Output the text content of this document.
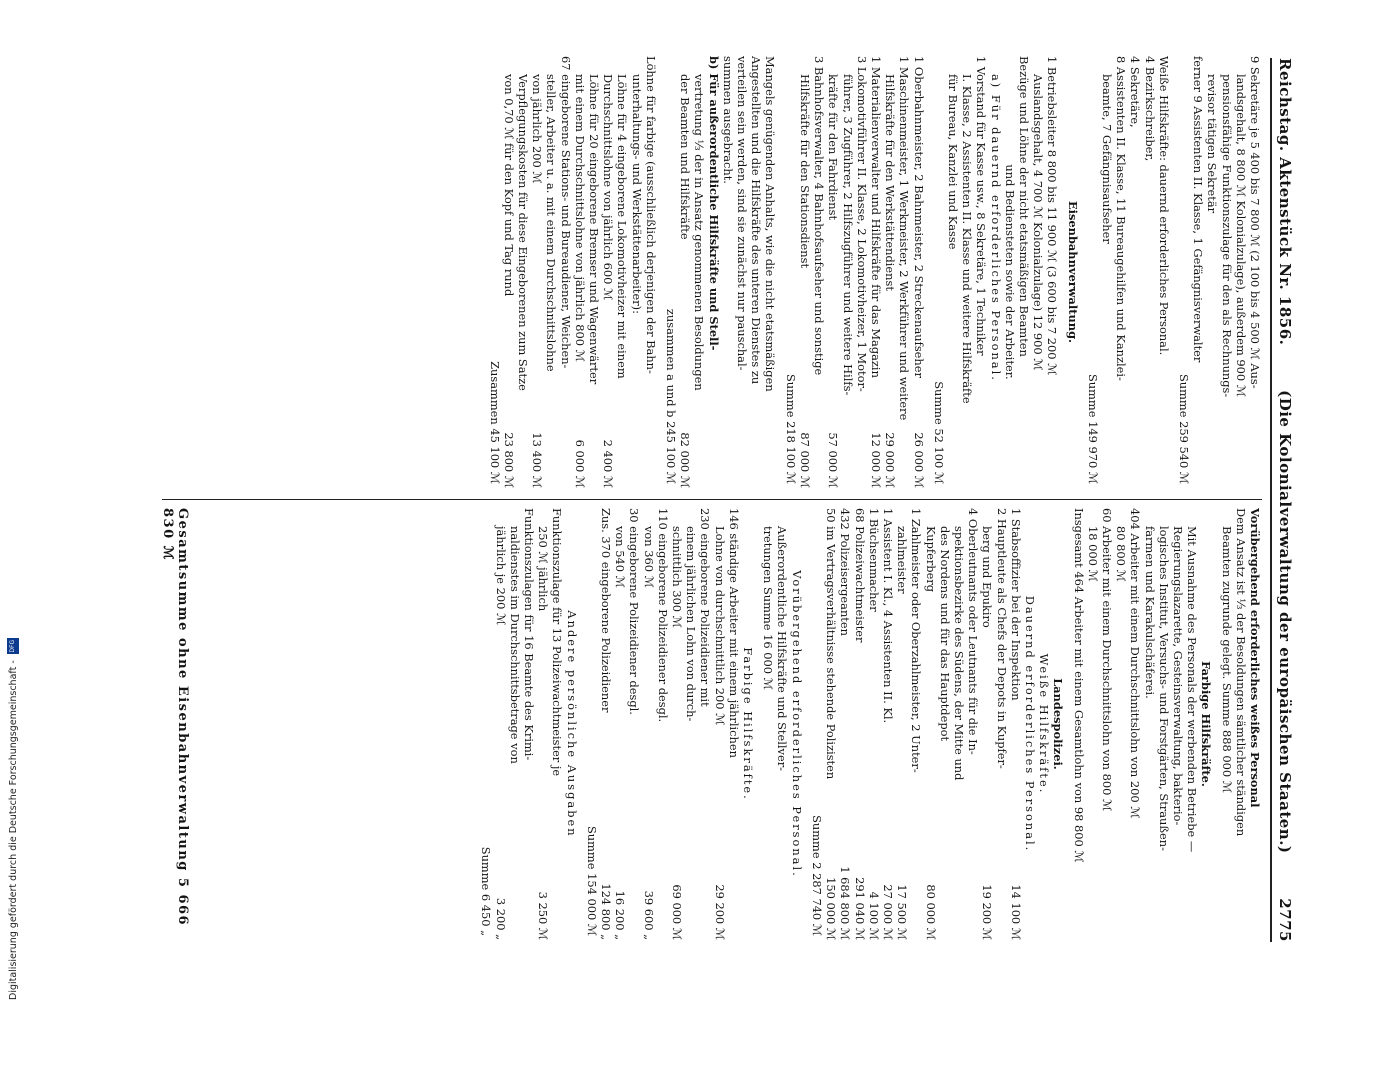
Reichstag. Aktenstück Nr. 1856.
(Die Kolonialverwaltung der europäischen Staaten.)
2775
9 Sekretäre je 5 400 bis 7 800 ℳ (2 100 bis 4 500 ℳ Aus-
landsgehalt, 8 800 ℳ Kolonialzulage), außerdem 900 ℳ
pensionsfähige Funktionszulage für den als Rechnungs-
revisor tätigen Sekretär
ferner 9 Assistenten II. Klasse, 1 Gefängnisverwalter
Summe 259 540 ℳ
Weiße Hilfskräfte: dauernd erforderliches Personal.
4 Bezirkschreiber,
4 Sekretäre,
8 Assistenten II. Klasse, 11 Bureaugehilfen und Kanzlei-
beamte, 7 Gefängnisaufseher
Summe 149 970 ℳ
Eisenbahnverwaltung.
1 Betriebsleiter 8 800 bis 11 900 ℳ (3 600 bis 7 200 ℳ
Auslandsgehalt, 4 700 ℳ Kolonialzulage) 12 900 ℳ
Bezüge und Löhne der nicht etatsmäßigen Beamten
und Bediensteten sowie der Arbeiter.
a) Für dauernd erforderliches Personal.
1 Vorstand für Kasse usw., 8 Sekretäre, 1 Techniker
I. Klasse, 2 Assistenten II. Klasse und weitere Hilfskräfte
für Bureau, Kanzlei und Kasse
Summe 52 100 ℳ
1 Oberbahnmeister, 2 Bahnmeister, 2 Streckenaufseher
26 000 ℳ
1 Maschinenmeister, 1 Werkmeister, 2 Werkführer und weitere
Hilfskräfte für den Werkstättendienst
29 000 ℳ
1 Materialienverwalter und Hilfskräfte für das Magazin
12 000 ℳ
3 Lokomotivführer II. Klasse, 2 Lokomotivheizer, 1 Motor-
führer, 3 Zugführer, 2 Hilfszugführer und weitere Hilfs-
kräfte für den Fahrdienst
57 000 ℳ
3 Bahnhofsverwalter, 4 Bahnhofsaufseher und sonstige
Hilfskräfte für den Stationsdienst
87 000 ℳ
Summe 218 100 ℳ
Mangels genügenden Anhalts, wie die nicht etatsmäßigen
Angestellten und die Hilfskräfte des unteren Dienstes zu
verteilen sein werden, sind sie zunächst nur pauschal-
summen ausgebracht.
b) Für außerordentliche Hilfskräfte und Stell-
vertretung ⅓ der in Ansatz genommenen Besoldungen
der Beamten und Hilfskräfte
82 000 ℳ
zusammen a und b 245 100 ℳ
Löhne für farbige (ausschließlich derjenigen der Bahn-
unterhaltungs- und Werkstättenarbeiter):
Löhne für 4 eingeborene Lokomotivheizer mit einem
Durchschnittslohne von jährlich 600 ℳ
2 400 ℳ
Löhne für 20 eingeborene Bremser und Wagenwärter
mit einem Durchschnittslohne von jährlich 800 ℳ
6 000 ℳ
67 eingeborene Stations- und Bureaudiener, Weichen-
steller, Arbeiter u. a. mit einem Durchschnittslohne
von jährlich 200 ℳ
13 400 ℳ
Verpflegungskosten für diese Eingeborenen zum Satze
von 0,70 ℳ für den Kopf und Tag rund
23 800 ℳ
Zusammen 45 100 ℳ
Vorübergehend erforderliches weißes Personal
Dem Ansatz ist ⅓ der Besoldungen sämtlicher ständigen
Beamten zugrunde gelegt. Summe 888 000 ℳ
Farbige Hilfskräfte.
Mit Ausnahme des Personals der werbenden Betriebe —
Regierungslazarette, Gesteinsverwaltung, bakterio-
logisches Institut, Versuchs- und Forstgärten, Straußen-
farmen und Karakulschäferei.
404 Arbeiter mit einem Durchschnittslohn von 200 ℳ
80 800 ℳ
60 Arbeiter mit einem Durchschnittslohn von 800 ℳ
18 000 ℳ
Insgesamt 464 Arbeiter mit einem Gesamtlohn von 98 800 ℳ
Landespolizei.
Weiße Hilfskräfte.
Dauernd erforderliches Personal.
1 Stabsoffizier bei der Inspektion
14 100 ℳ
2 Hauptleute als Chefs der Depots in Kupfer-
berg und Epukiro
19 200 ℳ
4 Oberleutnants oder Leutnants für die In-
spektionsbezirke des Südens, der Mitte und
des Nordens und für das Hauptdepot
Kupferberg
80 000 ℳ
1 Zahlmeister oder Oberzahlmeister, 2 Unter-
zahlmeister
17 500 ℳ
1 Assistent I. Kl., 4 Assistenten II. Kl.
27 000 ℳ
1 Büchsenmacher
4 100 ℳ
68 Polizeiwachtmeister
291 040 ℳ
432 Polizeisergeanten
1 684 800 ℳ
50 im Vertragsverhältnisse stehende Polizisten
150 000 ℳ
Summe 2 287 740 ℳ
Vorübergehend erforderliches Personal.
Außerordentliche Hilfskräfte und Stellver-
tretungen Summe 16 000 ℳ
Farbige Hilfskräfte.
146 ständige Arbeiter mit einem jährlichen
Lohne von durchschnittlich 200 ℳ
29 200 ℳ
230 eingeborene Polizeidiener mit
einem jährlichen Lohn von durch-
schnittlich 300 ℳ
69 000 ℳ
110 eingeborene Polizeidiener desgl.
von 360 ℳ
39 600 „
30 eingeborene Polizeidiener desgl.
von 540 ℳ
16 200 „
Zus. 370 eingeborene Polizeidiener
124 800 „
Summe 154 000 ℳ
Andere persönliche Ausgaben
Funktionszulage für 13 Polizeiwachtmeister je
250 ℳ jährlich
3 250 ℳ
Funktionszulagen für 16 Beamte des Krimi-
naldienstes im Durchschnittsbetrage von
jährlich je 200 ℳ
3 200 „
Summe 6 450 „
Gesamtsumme ohne Eisenbahnverwaltung 5 666 830 ℳ
Digitalisierung gefördert durch die Deutsche Forschungsgemeinschaft -
DFG
